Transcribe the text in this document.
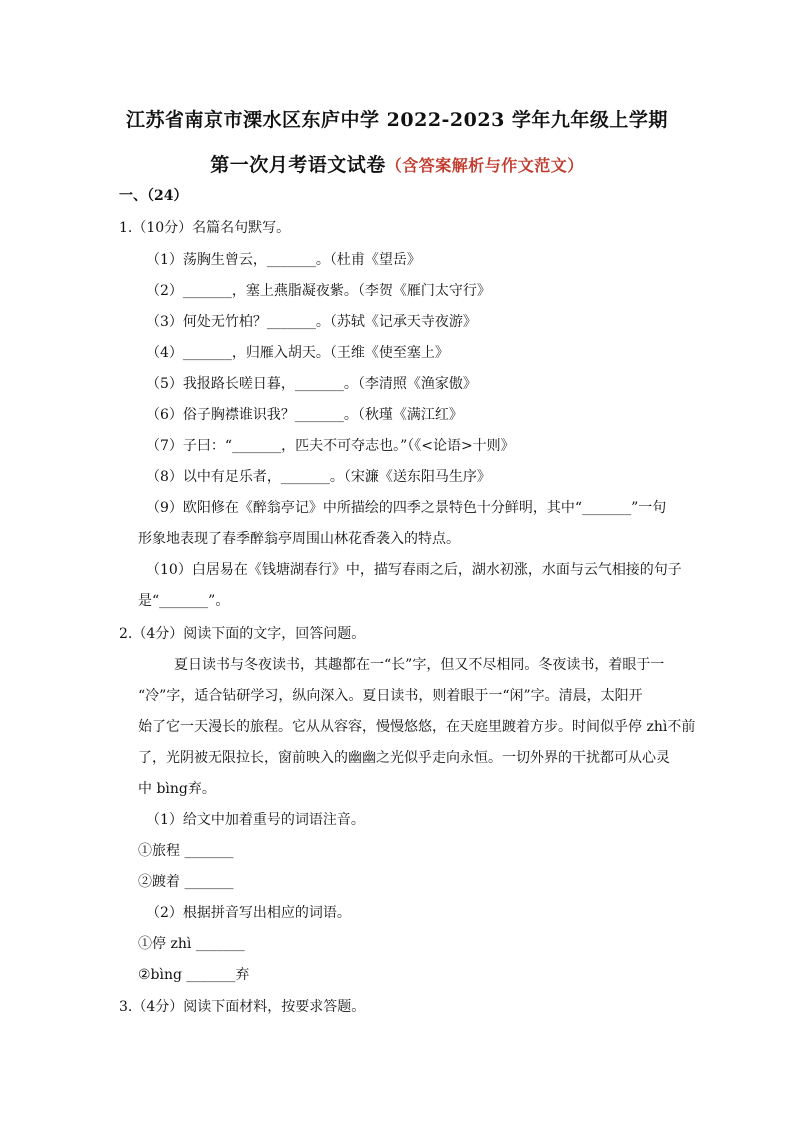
江苏省南京市溧水区东庐中学 2022-2023 学年九年级上学期
第一次月考语文试卷（含答案解析与作文范文）
一、（24）
1.（10分）名篇名句默写。
（1）荡胸生曾云，_______。（杜甫《望岳》
（2）_______，塞上燕脂凝夜紫。（李贺《雁门太守行》
（3）何处无竹柏？_______。（苏轼《记承天寺夜游》
（4）_______，归雁入胡天。（王维《使至塞上》
（5）我报路长嗟日暮，_______。（李清照《渔家傲》
（6）俗子胸襟谁识我？_______。（秋瑾《满江红》
（7）子曰：“_______，匹夫不可夺志也。”（《<论语>十则》
（8）以中有足乐者，_______。（宋濂《送东阳马生序》
（9）欧阳修在《醉翁亭记》中所描绘的四季之景特色十分鲜明，其中“_______”一句
形象地表现了春季醉翁亭周围山林花香袭入的特点。
（10）白居易在《钱塘湖春行》中，描写春雨之后，湖水初涨，水面与云气相接的句子
是“_______”。
2.（4分）阅读下面的文字，回答问题。
夏日读书与冬夜读书，其趣都在一“长”字，但又不尽相同。冬夜读书，着眼于一
“冷”字，适合钻研学习，纵向深入。夏日读书，则着眼于一“闲”字。清晨，太阳开
始了它一天漫长的旅程。它从从容容，慢慢悠悠，在天庭里踱着方步。时间似乎停 zhì不前
了，光阴被无限拉长，窗前映入的幽幽之光似乎走向永恒。一切外界的干扰都可从心灵
中 bìng弃。
（1）给文中加着重号的词语注音。
①旅程 _______
②踱着 _______
（2）根据拼音写出相应的词语。
①停 zhì _______
②bìng _______弃
3.（4分）阅读下面材料，按要求答题。
